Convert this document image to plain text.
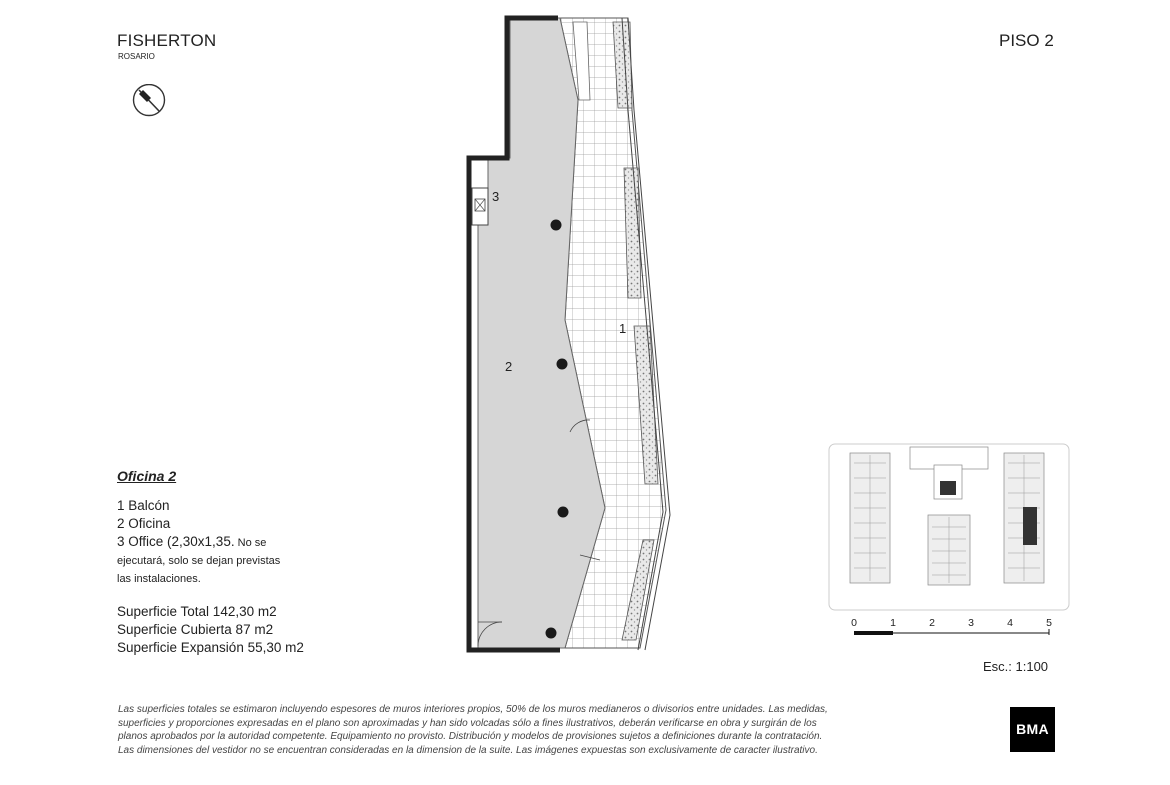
FISHERTON
ROSARIO
PISO 2
1
2
3
Oficina 2
1 Balcón
2 Oficina
3 Office (2,30x1,35. No se
ejecutará, solo se dejan previstas
las instalaciones.
Superficie Total 142,30 m2
Superficie Cubierta 87 m2
Superficie Expansión 55,30 m2
0	1	2	3	4	5
Esc.: 1:100
Las superficies totales se estimaron incluyendo espesores de muros interiores propios, 50% de los muros medianeros o divisorios entre unidades. Las medidas,
superficies y proporciones expresadas en el plano son aproximadas y han sido volcadas sólo a fines ilustrativos, deberán verificarse en obra y surgirán de los
planos aprobados por la autoridad competente. Equipamiento no provisto. Distribución y modelos de provisiones sujetos a definiciones durante la contratación.
Las dimensiones del vestidor no se encuentran consideradas en la dimension de la suite. Las imágenes expuestas son exclusivamente de caracter ilustrativo.
BMA
